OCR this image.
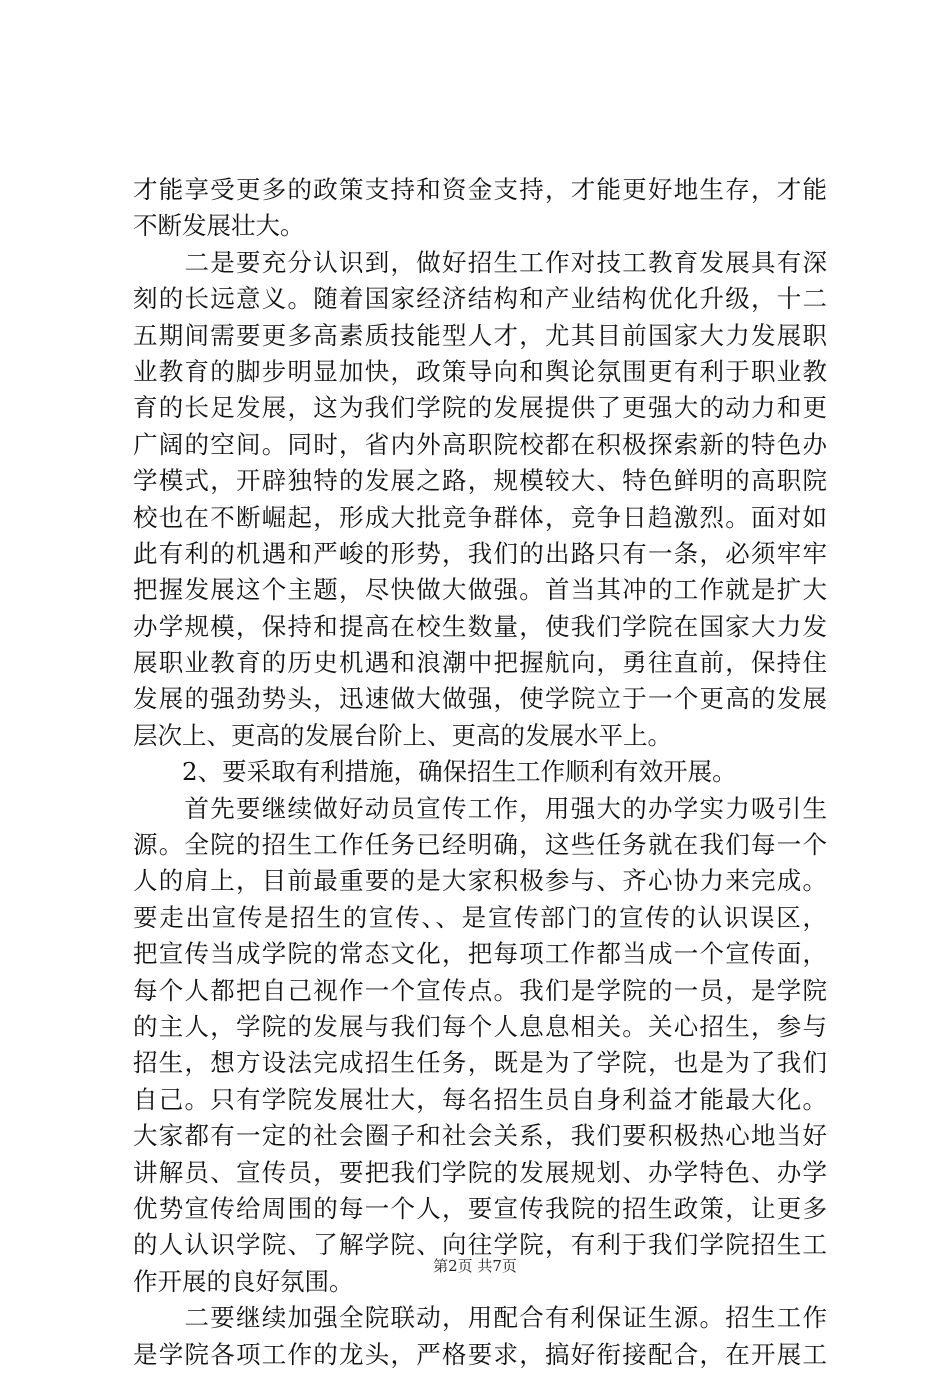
才能享受更多的政策支持和资金支持，才能更好地生存，才能
不断发展壮大。
　　二是要充分认识到，做好招生工作对技工教育发展具有深
刻的长远意义。随着国家经济结构和产业结构优化升级，十二
五期间需要更多高素质技能型人才，尤其目前国家大力发展职
业教育的脚步明显加快，政策导向和舆论氛围更有利于职业教
育的长足发展，这为我们学院的发展提供了更强大的动力和更
广阔的空间。同时，省内外高职院校都在积极探索新的特色办
学模式，开辟独特的发展之路，规模较大、特色鲜明的高职院
校也在不断崛起，形成大批竞争群体，竞争日趋激烈。面对如
此有利的机遇和严峻的形势，我们的出路只有一条，必须牢牢
把握发展这个主题，尽快做大做强。首当其冲的工作就是扩大
办学规模，保持和提高在校生数量，使我们学院在国家大力发
展职业教育的历史机遇和浪潮中把握航向，勇往直前，保持住
发展的强劲势头，迅速做大做强，使学院立于一个更高的发展
层次上、更高的发展台阶上、更高的发展水平上。
　　2、要采取有利措施，确保招生工作顺利有效开展。
　　首先要继续做好动员宣传工作，用强大的办学实力吸引生
源。全院的招生工作任务已经明确，这些任务就在我们每一个
人的肩上，目前最重要的是大家积极参与、齐心协力来完成。
要走出宣传是招生的宣传、、是宣传部门的宣传的认识误区，
把宣传当成学院的常态文化，把每项工作都当成一个宣传面，
每个人都把自己视作一个宣传点。我们是学院的一员，是学院
的主人，学院的发展与我们每个人息息相关。关心招生，参与
招生，想方设法完成招生任务，既是为了学院，也是为了我们
自己。只有学院发展壮大，每名招生员自身利益才能最大化。
大家都有一定的社会圈子和社会关系，我们要积极热心地当好
讲解员、宣传员，要把我们学院的发展规划、办学特色、办学
优势宣传给周围的每一个人，要宣传我院的招生政策，让更多
的人认识学院、了解学院、向往学院，有利于我们学院招生工
作开展的良好氛围。
　　二要继续加强全院联动，用配合有利保证生源。招生工作
是学院各项工作的龙头，严格要求，搞好衔接配合，在开展工
第2页 共7页
